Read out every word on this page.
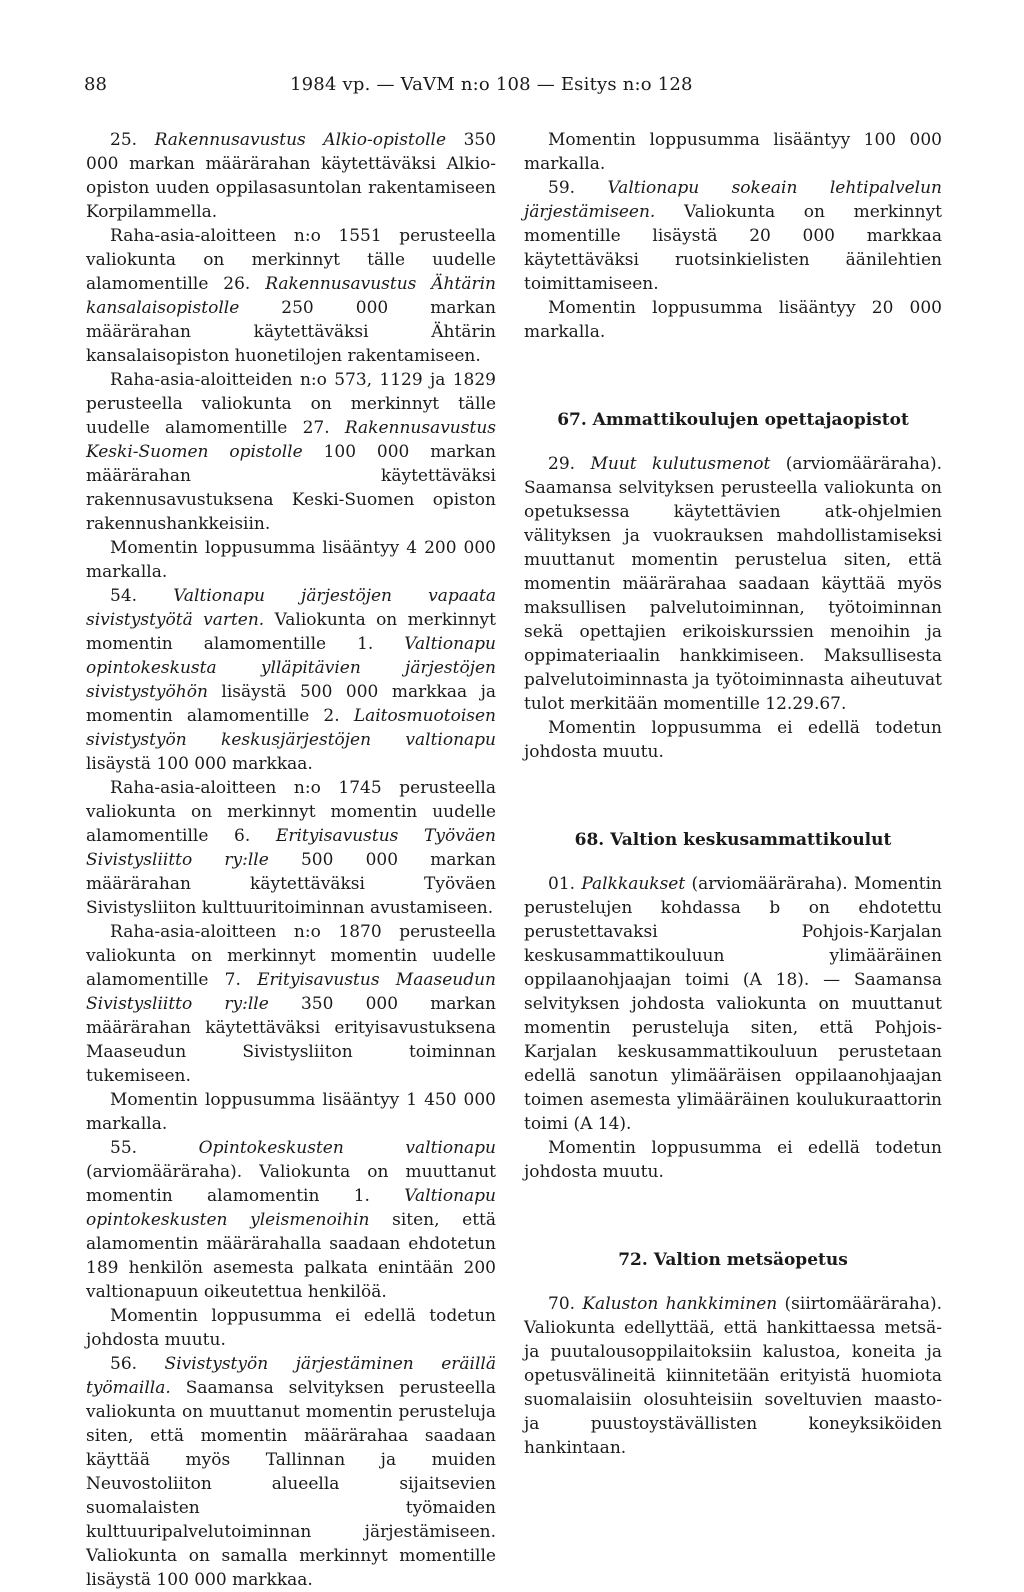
88	1984 vp. — VaVM n:o 108 — Esitys n:o 128

25. Rakennusavustus Alkio-opistolle 350 000 markan määrärahan käytettäväksi Alkio-opiston uuden oppilasasuntolan rakentamiseen Korpilammella.

Raha-asia-aloitteen n:o 1551 perusteella valiokunta on merkinnyt tälle uudelle alamomentille 26. Rakennusavustus Ähtärin kansalaisopistolle 250 000 markan määrärahan käytettäväksi Ähtärin kansalaisopiston huonetilojen rakentamiseen.

Raha-asia-aloitteiden n:o 573, 1129 ja 1829 perusteella valiokunta on merkinnyt tälle uudelle alamomentille 27. Rakennusavustus Keski-Suomen opistolle 100 000 markan määrärahan käytettäväksi rakennusavustuksena Keski-Suomen opiston rakennushankkeisiin.

Momentin loppusumma lisääntyy 4 200 000 markalla.

54. Valtionapu järjestöjen vapaata sivistystyötä varten. Valiokunta on merkinnyt momentin alamomentille 1. Valtionapu opintokeskusta ylläpitävien järjestöjen sivistystyöhön lisäystä 500 000 markkaa ja momentin alamomentille 2. Laitosmuotoisen sivistystyön keskusjärjestöjen valtionapu lisäystä 100 000 markkaa.

Raha-asia-aloitteen n:o 1745 perusteella valiokunta on merkinnyt momentin uudelle alamomentille 6. Erityisavustus Työväen Sivistysliitto ry:lle 500 000 markan määrärahan käytettäväksi Työväen Sivistysliiton kulttuuritoiminnan avustamiseen.

Raha-asia-aloitteen n:o 1870 perusteella valiokunta on merkinnyt momentin uudelle alamomentille 7. Erityisavustus Maaseudun Sivistysliitto ry:lle 350 000 markan määrärahan käytettäväksi erityisavustuksena Maaseudun Sivistysliiton toiminnan tukemiseen.

Momentin loppusumma lisääntyy 1 450 000 markalla.

55.	Opintokeskusten valtionapu (arviomääräraha). Valiokunta on muuttanut momentin alamomentin 1. Valtionapu opintokeskusten yleismenoihin siten, että alamomentin määrärahalla saadaan ehdotetun 189 henkilön asemesta palkata enintään 200 valtionapuun oikeutettua henkilöä.

Momentin loppusumma ei edellä todetun johdosta muutu.

56. Sivistystyön järjestäminen eräillä työmailla. Saamansa selvityksen perusteella valiokunta on muuttanut momentin perusteluja siten, että momentin määrärahaa saadaan käyttää myös Tallinnan ja muiden Neuvostoliiton alueella sijaitsevien suomalaisten työmaiden kulttuuripalvelutoiminnan järjestämiseen. Valiokunta on samalla merkinnyt momentille lisäystä 100 000 markkaa.

Momentin loppusumma lisääntyy 100 000 markalla.

59. Valtionapu sokeain lehtipalvelun järjestämiseen. Valiokunta on merkinnyt momentille lisäystä 20 000 markkaa käytettäväksi ruotsinkielisten äänilehtien toimittamiseen.

Momentin loppusumma lisääntyy 20 000 markalla.

67. Ammattikoulujen opettajaopistot

29. Muut kulutusmenot (arviomääräraha). Saamansa selvityksen perusteella valiokunta on opetuksessa käytettävien atk-ohjelmien välityksen ja vuokrauksen mahdollistamiseksi muuttanut momentin perustelua siten, että momentin määrärahaa saadaan käyttää myös maksullisen palvelutoiminnan, työtoiminnan sekä opettajien erikoiskurssien menoihin ja oppimateriaalin hankkimiseen. Maksullisesta palvelutoiminnasta ja työtoiminnasta aiheutuvat tulot merkitään momentille 12.29.67.

Momentin loppusumma ei edellä todetun johdosta muutu.

68. Valtion keskusammattikoulut

01. Palkkaukset (arviomääräraha). Momentin perustelujen kohdassa b on ehdotettu perustettavaksi Pohjois-Karjalan keskusammattikouluun ylimääräinen oppilaanohjaajan toimi (A 18). — Saamansa selvityksen johdosta valiokunta on muuttanut momentin perusteluja siten, että Pohjois-Karjalan keskusammattikouluun perustetaan edellä sanotun ylimääräisen oppilaanohjaajan toimen asemesta ylimääräinen koulukuraattorin toimi (A 14).

Momentin loppusumma ei edellä todetun johdosta muutu.

72. Valtion metsäopetus

70. Kaluston hankkiminen (siirtomääräraha). Valiokunta edellyttää, että hankittaessa metsä- ja puutalousoppilaitoksiin kalustoa, koneita ja opetusvälineitä kiinnitetään erityistä huomiota suomalaisiin olosuhteisiin soveltuvien maasto- ja puustoystävällisten koneyksiköiden hankintaan.
